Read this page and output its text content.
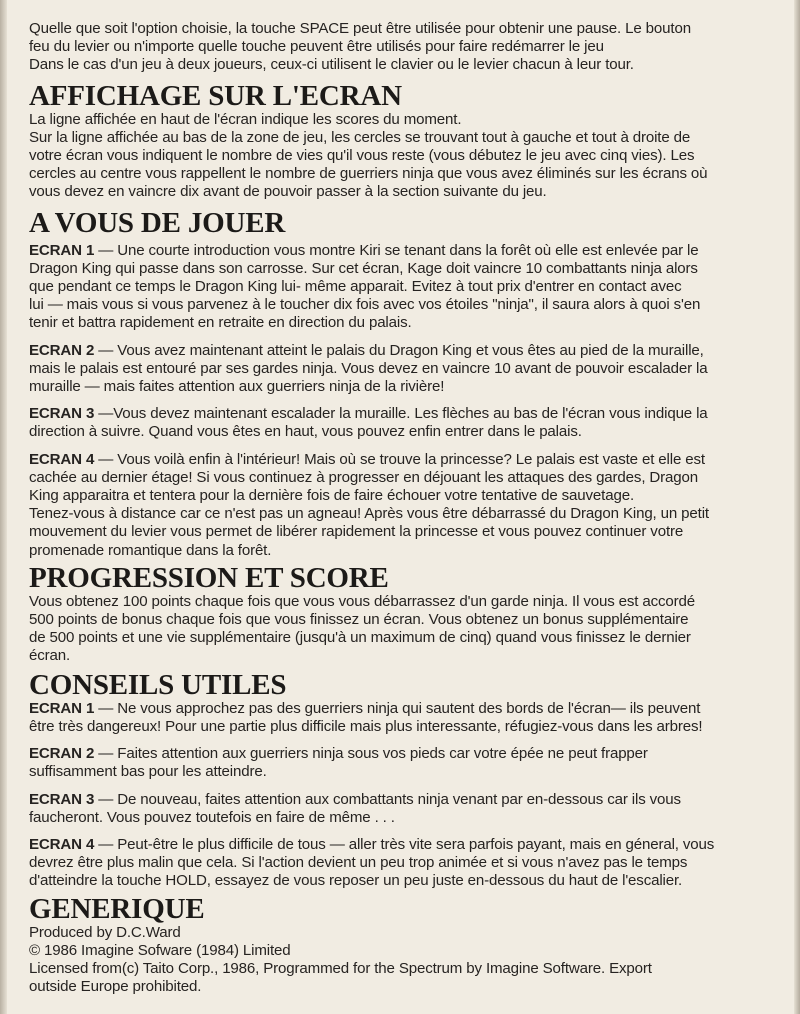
Quelle que soit l'option choisie, la touche SPACE peut être utilisée pour obtenir une pause. Le bouton
feu du levier ou n'importe quelle touche peuvent être utilisés pour faire redémarrer le jeu
Dans le cas d'un jeu à deux joueurs, ceux-ci utilisent le clavier ou le levier chacun à leur tour.
AFFICHAGE SUR L'ECRAN
La ligne affichée en haut de l'écran indique les scores du moment.
Sur la ligne affichée au bas de la zone de jeu, les cercles se trouvant tout à gauche et tout à droite de
votre écran vous indiquent le nombre de vies qu'il vous reste (vous débutez le jeu avec cinq vies). Les
cercles au centre vous rappellent le nombre de guerriers ninja que vous avez éliminés sur les écrans où
vous devez en vaincre dix avant de pouvoir passer à la section suivante du jeu.
A VOUS DE JOUER
ECRAN 1 — Une courte introduction vous montre Kiri se tenant dans la forêt où elle est enlevée par le
Dragon King qui passe dans son carrosse. Sur cet écran, Kage doit vaincre 10 combattants ninja alors
que pendant ce temps le Dragon King lui- même apparait. Evitez à tout prix d'entrer en contact avec
lui — mais vous si vous parvenez à le toucher dix fois avec vos étoiles "ninja", il saura alors à quoi s'en
tenir et battra rapidement en retraite en direction du palais.
ECRAN 2 — Vous avez maintenant atteint le palais du Dragon King et vous êtes au pied de la muraille,
mais le palais est entouré par ses gardes ninja. Vous devez en vaincre 10 avant de pouvoir escalader la
muraille — mais faites attention aux guerriers ninja de la rivière!
ECRAN 3 —Vous devez maintenant escalader la muraille. Les flèches au bas de l'écran vous indique la
direction à suivre. Quand vous êtes en haut, vous pouvez enfin entrer dans le palais.
ECRAN 4 — Vous voilà enfin à l'intérieur! Mais où se trouve la princesse? Le palais est vaste et elle est
cachée au dernier étage! Si vous continuez à progresser en déjouant les attaques des gardes, Dragon
King apparaitra et tentera pour la dernière fois de faire échouer votre tentative de sauvetage.
Tenez-vous à distance car ce n'est pas un agneau! Après vous être débarrassé du Dragon King, un petit
mouvement du levier vous permet de libérer rapidement la princesse et vous pouvez continuer votre
promenade romantique dans la forêt.
PROGRESSION ET SCORE
Vous obtenez 100 points chaque fois que vous vous débarrassez d'un garde ninja. Il vous est accordé
500 points de bonus chaque fois que vous finissez un écran. Vous obtenez un bonus supplémentaire
de 500 points et une vie supplémentaire (jusqu'à un maximum de cinq) quand vous finissez le dernier
écran.
CONSEILS UTILES
ECRAN 1 — Ne vous approchez pas des guerriers ninja qui sautent des bords de l'écran— ils peuvent
être très dangereux! Pour une partie plus difficile mais plus interessante, réfugiez-vous dans les arbres!
ECRAN 2 — Faites attention aux guerriers ninja sous vos pieds car votre épée ne peut frapper
suffisamment bas pour les atteindre.
ECRAN 3 — De nouveau, faites attention aux combattants ninja venant par en-dessous car ils vous
faucheront. Vous pouvez toutefois en faire de même . . .
ECRAN 4 — Peut-être le plus difficile de tous — aller très vite sera parfois payant, mais en géneral, vous
devrez être plus malin que cela. Si l'action devient un peu trop animée et si vous n'avez pas le temps
d'atteindre la touche HOLD, essayez de vous reposer un peu juste en-dessous du haut de l'escalier.
GENERIQUE
Produced by D.C.Ward
© 1986 Imagine Sofware (1984) Limited
Licensed from(c) Taito Corp., 1986, Programmed for the Spectrum by Imagine Software. Export
outside Europe prohibited.
